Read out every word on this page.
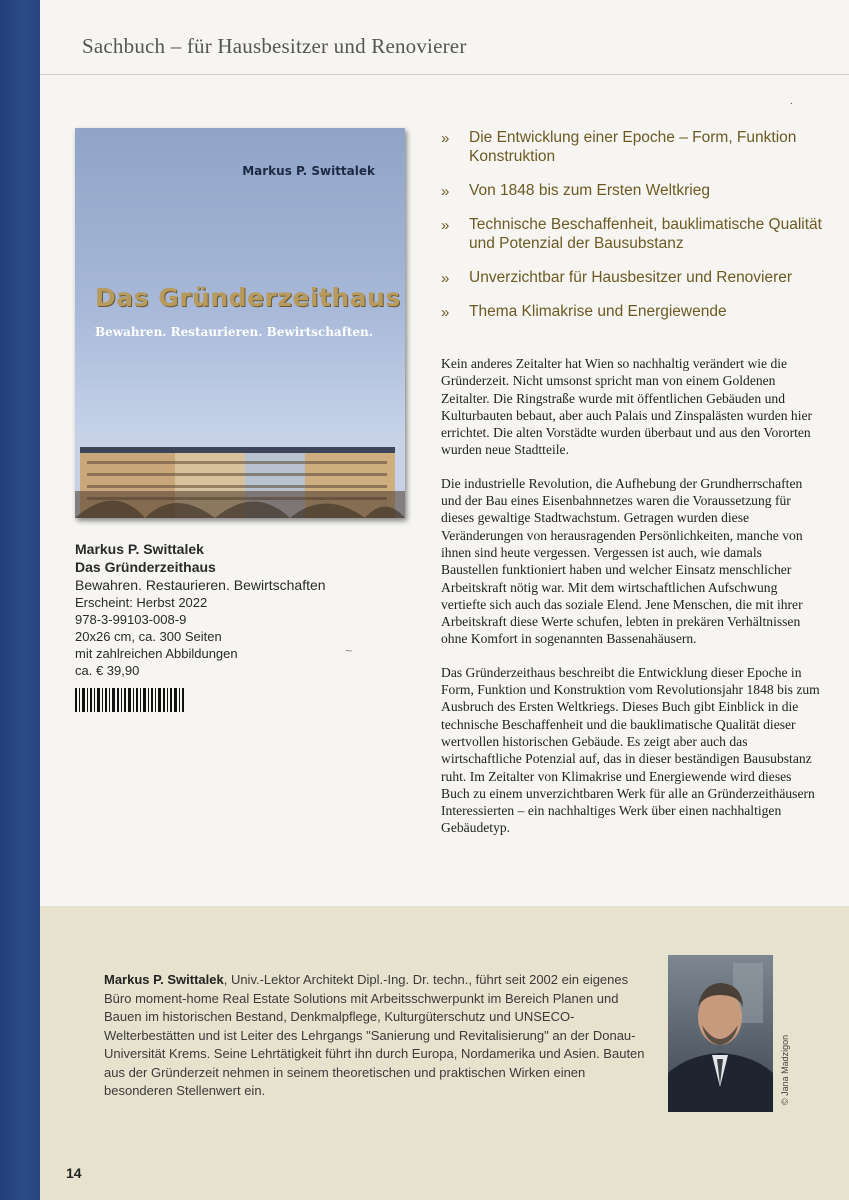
Sachbuch – für Hausbesitzer und Renovierer
.
Markus P. Swittalek
Das Gründerzeithaus
Bewahren. Restaurieren. Bewirtschaften.
Markus P. Swittalek
Das Gründerzeithaus
Bewahren. Restaurieren. Bewirtschaften
Erscheint: Herbst 2022
978-3-99103-008-9
20x26 cm, ca. 300 Seiten
mit zahlreichen Abbildungen
ca. € 39,90
~
» Die Entwicklung einer Epoche – Form, Funktion Konstruktion
» Von 1848 bis zum Ersten Weltkrieg
» Technische Beschaffenheit, bauklimatische Qualität und Potenzial der Bausubstanz
» Unverzichtbar für Hausbesitzer und Renovierer
» Thema Klimakrise und Energiewende

Kein anderes Zeitalter hat Wien so nachhaltig verändert wie die Gründerzeit. Nicht umsonst spricht man von einem Goldenen Zeitalter. Die Ringstraße wurde mit öffentlichen Gebäuden und Kulturbauten bebaut, aber auch Palais und Zinspalästen wurden hier errichtet. Die alten Vorstädte wurden überbaut und aus den Vororten wurden neue Stadtteile.

Die industrielle Revolution, die Aufhebung der Grundherrschaften und der Bau eines Eisenbahnnetzes waren die Voraussetzung für dieses gewaltige Stadtwachstum. Getragen wurden diese Veränderungen von herausragenden Persönlichkeiten, manche von ihnen sind heute vergessen. Vergessen ist auch, wie damals Baustellen funktioniert haben und welcher Einsatz menschlicher Arbeitskraft nötig war. Mit dem wirtschaftlichen Aufschwung vertiefte sich auch das soziale Elend. Jene Menschen, die mit ihrer Arbeitskraft diese Werte schufen, lebten in prekären Verhältnissen ohne Komfort in sogenannten Bassenahäusern.

Das Gründerzeithaus beschreibt die Entwicklung dieser Epoche in Form, Funktion und Konstruktion vom Revolutionsjahr 1848 bis zum Ausbruch des Ersten Weltkriegs. Dieses Buch gibt Einblick in die technische Beschaffenheit und die bauklimatische Qualität dieser wertvollen historischen Gebäude. Es zeigt aber auch das wirtschaftliche Potenzial auf, das in dieser beständigen Bausubstanz ruht. Im Zeitalter von Klimakrise und Energiewende wird dieses Buch zu einem unverzichtbaren Werk für alle an Gründerzeithäusern Interessierten – ein nachhaltiges Werk über einen nachhaltigen Gebäudetyp.

Markus P. Swittalek, Univ.-Lektor Architekt Dipl.-Ing. Dr. techn., führt seit 2002 ein eigenes Büro moment-home Real Estate Solutions mit Arbeitsschwerpunkt im Bereich Planen und Bauen im historischen Bestand, Denkmalpflege, Kulturgüterschutz und UNSECO-Welterbestätten und ist Leiter des Lehrgangs "Sanierung und Revitalisierung" an der Donau-Universität Krems. Seine Lehrtätigkeit führt ihn durch Europa, Nordamerika und Asien. Bauten aus der Gründerzeit nehmen in seinem theoretischen und praktischen Wirken einen besonderen Stellenwert ein.	© Jana Madzigon
14
